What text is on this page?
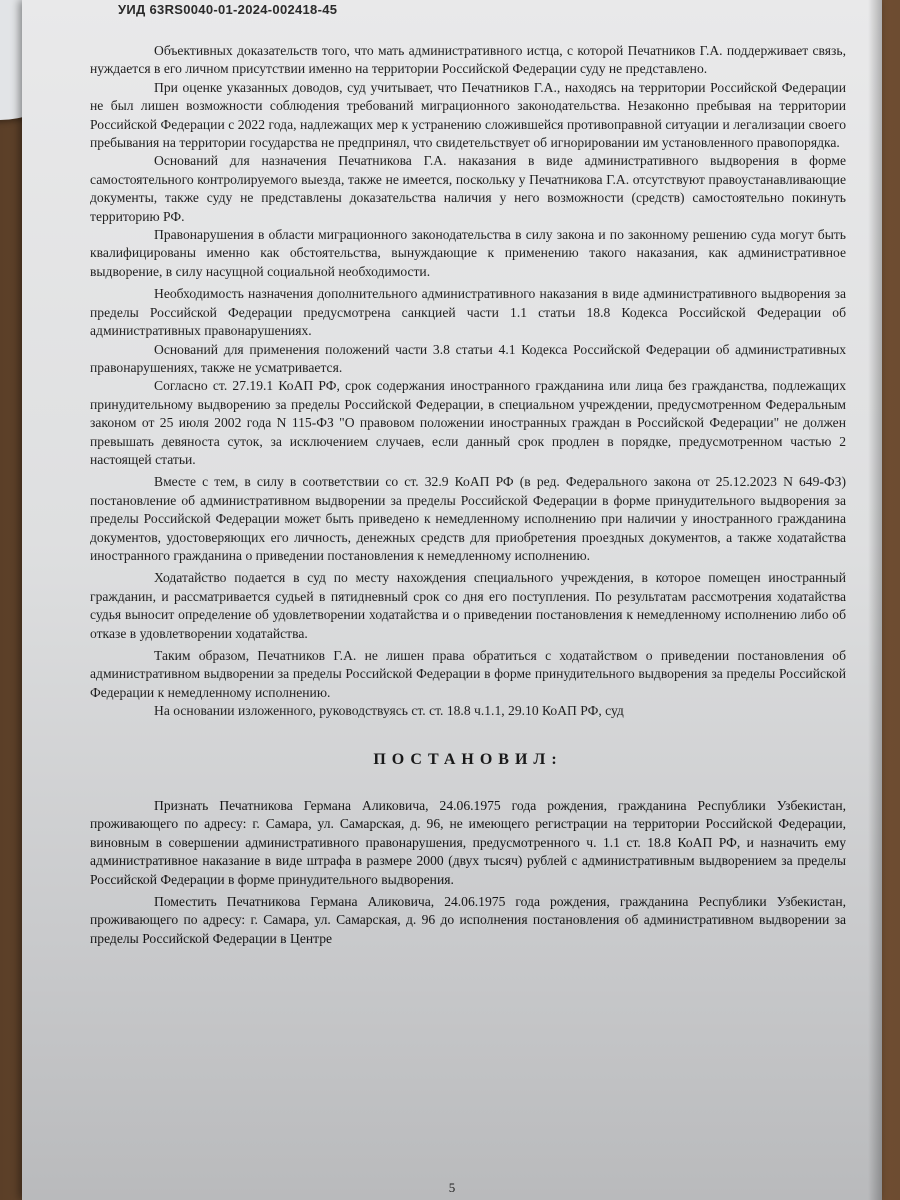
УИД 63RS0040-01-2024-002418-45

Объективных доказательств того, что мать административного истца, с которой Печатников Г.А. поддерживает связь, нуждается в его личном присутствии именно на территории Российской Федерации суду не представлено.

При оценке указанных доводов, суд учитывает, что Печатников Г.А., находясь на территории Российской Федерации не был лишен возможности соблюдения требований миграционного законодательства. Незаконно пребывая на территории Российской Федерации с 2022 года, надлежащих мер к устранению сложившейся противоправной ситуации и легализации своего пребывания на территории государства не предпринял, что свидетельствует об игнорировании им установленного правопорядка.

Оснований для назначения Печатникова Г.А. наказания в виде административного выдворения в форме самостоятельного контролируемого выезда, также не имеется, поскольку у Печатникова Г.А. отсутствуют правоустанавливающие документы, также суду не представлены доказательства наличия у него возможности (средств) самостоятельно покинуть территорию РФ.

Правонарушения в области миграционного законодательства в силу закона и по законному решению суда могут быть квалифицированы именно как обстоятельства, вынуждающие к применению такого наказания, как административное выдворение, в силу насущной социальной необходимости.

Необходимость назначения дополнительного административного наказания в виде административного выдворения за пределы Российской Федерации предусмотрена санкцией части 1.1 статьи 18.8 Кодекса Российской Федерации об административных правонарушениях.

Оснований для применения положений части 3.8 статьи 4.1 Кодекса Российской Федерации об административных правонарушениях, также не усматривается.

Согласно ст. 27.19.1 КоАП РФ, срок содержания иностранного гражданина или лица без гражданства, подлежащих принудительному выдворению за пределы Российской Федерации, в специальном учреждении, предусмотренном Федеральным законом от 25 июля 2002 года N 115-ФЗ "О правовом положении иностранных граждан в Российской Федерации" не должен превышать девяноста суток, за исключением случаев, если данный срок продлен в порядке, предусмотренном частью 2 настоящей статьи.

Вместе с тем, в силу в соответствии со ст. 32.9 КоАП РФ (в ред. Федерального закона от 25.12.2023 N 649-ФЗ) постановление об административном выдворении за пределы Российской Федерации в форме принудительного выдворения за пределы Российской Федерации может быть приведено к немедленному исполнению при наличии у иностранного гражданина документов, удостоверяющих его личность, денежных средств для приобретения проездных документов, а также ходатайства иностранного гражданина о приведении постановления к немедленному исполнению.

Ходатайство подается в суд по месту нахождения специального учреждения, в которое помещен иностранный гражданин, и рассматривается судьей в пятидневный срок со дня его поступления. По результатам рассмотрения ходатайства судья выносит определение об удовлетворении ходатайства и о приведении постановления к немедленному исполнению либо об отказе в удовлетворении ходатайства.

Таким образом, Печатников Г.А. не лишен права обратиться с ходатайством о приведении постановления об административном выдворении за пределы Российской Федерации в форме принудительного выдворения за пределы Российской Федерации к немедленному исполнению.

На основании изложенного, руководствуясь ст. ст. 18.8 ч.1.1, 29.10 КоАП РФ, суд

ПОСТАНОВИЛ:

Признать Печатникова Германа Аликовича, 24.06.1975 года рождения, гражданина Республики Узбекистан, проживающего по адресу: г. Самара, ул. Самарская, д. 96, не имеющего регистрации на территории Российской Федерации, виновным в совершении административного правонарушения, предусмотренного ч. 1.1 ст. 18.8 КоАП РФ, и назначить ему административное наказание в виде штрафа в размере 2000 (двух тысяч) рублей с административным выдворением за пределы Российской Федерации в форме принудительного выдворения.

Поместить Печатникова Германа Аликовича, 24.06.1975 года рождения, гражданина Республики Узбекистан, проживающего по адресу: г. Самара, ул. Самарская, д. 96 до исполнения постановления об административном выдворении за пределы Российской Федерации в Центре

5
